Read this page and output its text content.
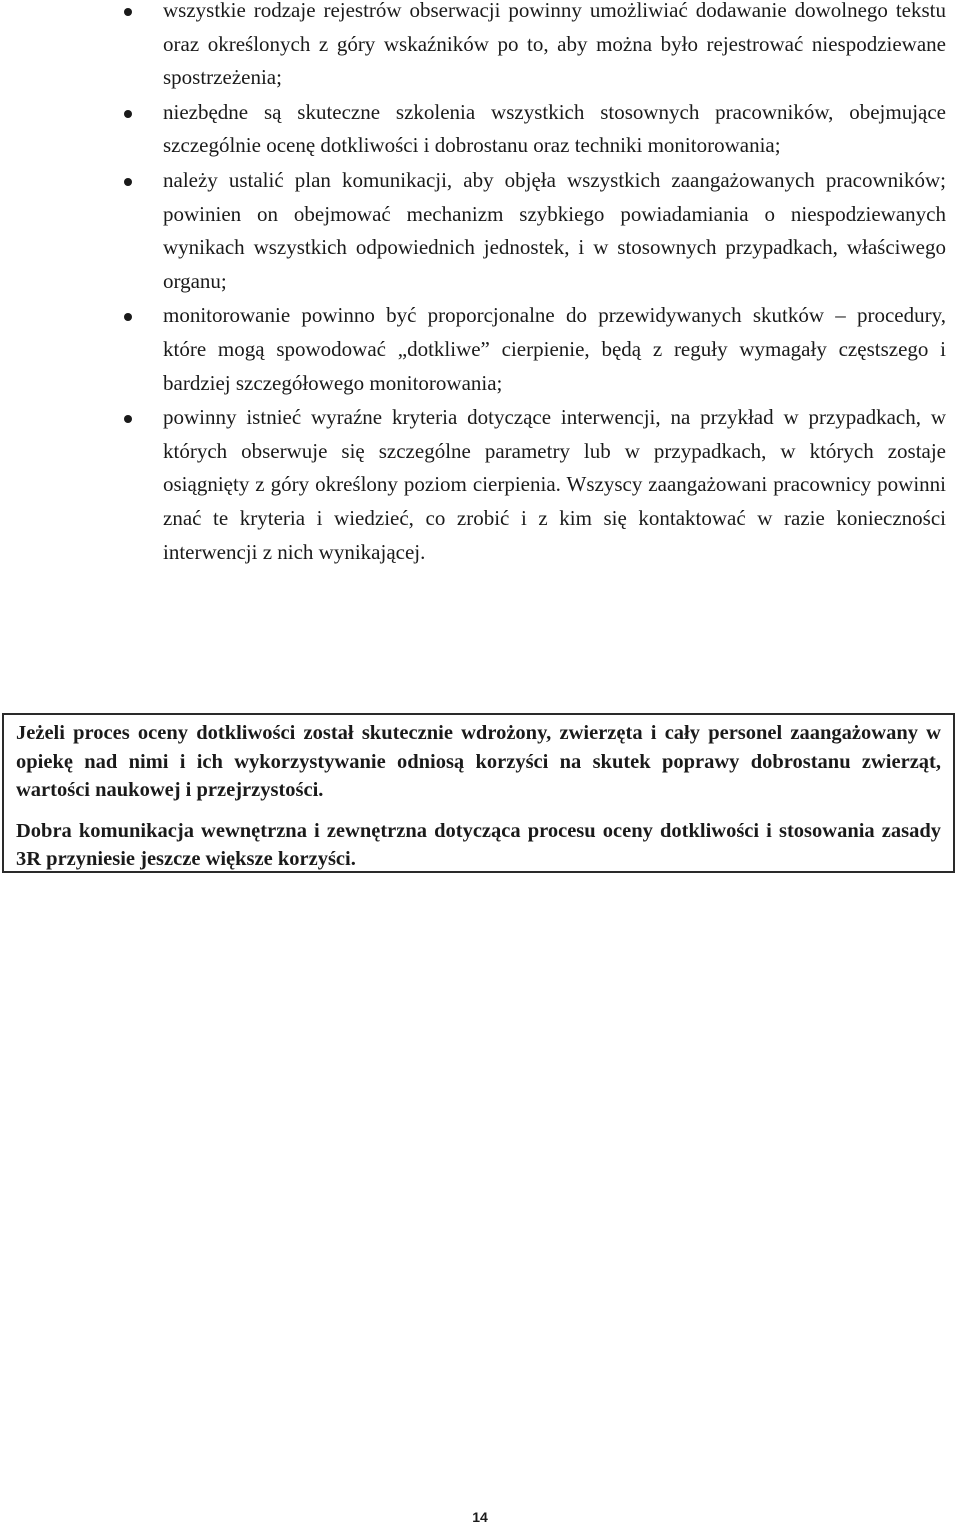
wszystkie rodzaje rejestrów obserwacji powinny umożliwiać dodawanie dowolnego tekstu oraz określonych z góry wskaźników po to, aby można było rejestrować niespodziewane spostrzeżenia;
niezbędne są skuteczne szkolenia wszystkich stosownych pracowników, obejmujące szczególnie ocenę dotkliwości i dobrostanu oraz techniki monitorowania;
należy ustalić plan komunikacji, aby objęła wszystkich zaangażowanych pracowników; powinien on obejmować mechanizm szybkiego powiadamiania o niespodziewanych wynikach wszystkich odpowiednich jednostek, i w stosownych przypadkach, właściwego organu;
monitorowanie powinno być proporcjonalne do przewidywanych skutków – procedury, które mogą spowodować „dotkliwe” cierpienie, będą z reguły wymagały częstszego i bardziej szczegółowego monitorowania;
powinny istnieć wyraźne kryteria dotyczące interwencji, na przykład w przypadkach, w których obserwuje się szczególne parametry lub w przypadkach, w których zostaje osiągnięty z góry określony poziom cierpienia. Wszyscy zaangażowani pracownicy powinni znać te kryteria i wiedzieć, co zrobić i z kim się kontaktować w razie konieczności interwencji z nich wynikającej.

Jeżeli proces oceny dotkliwości został skutecznie wdrożony, zwierzęta i cały personel zaangażowany w opiekę nad nimi i ich wykorzystywanie odniosą korzyści na skutek poprawy dobrostanu zwierząt, wartości naukowej i przejrzystości.

Dobra komunikacja wewnętrzna i zewnętrzna dotycząca procesu oceny dotkliwości i stosowania zasady 3R przyniesie jeszcze większe korzyści.

14
